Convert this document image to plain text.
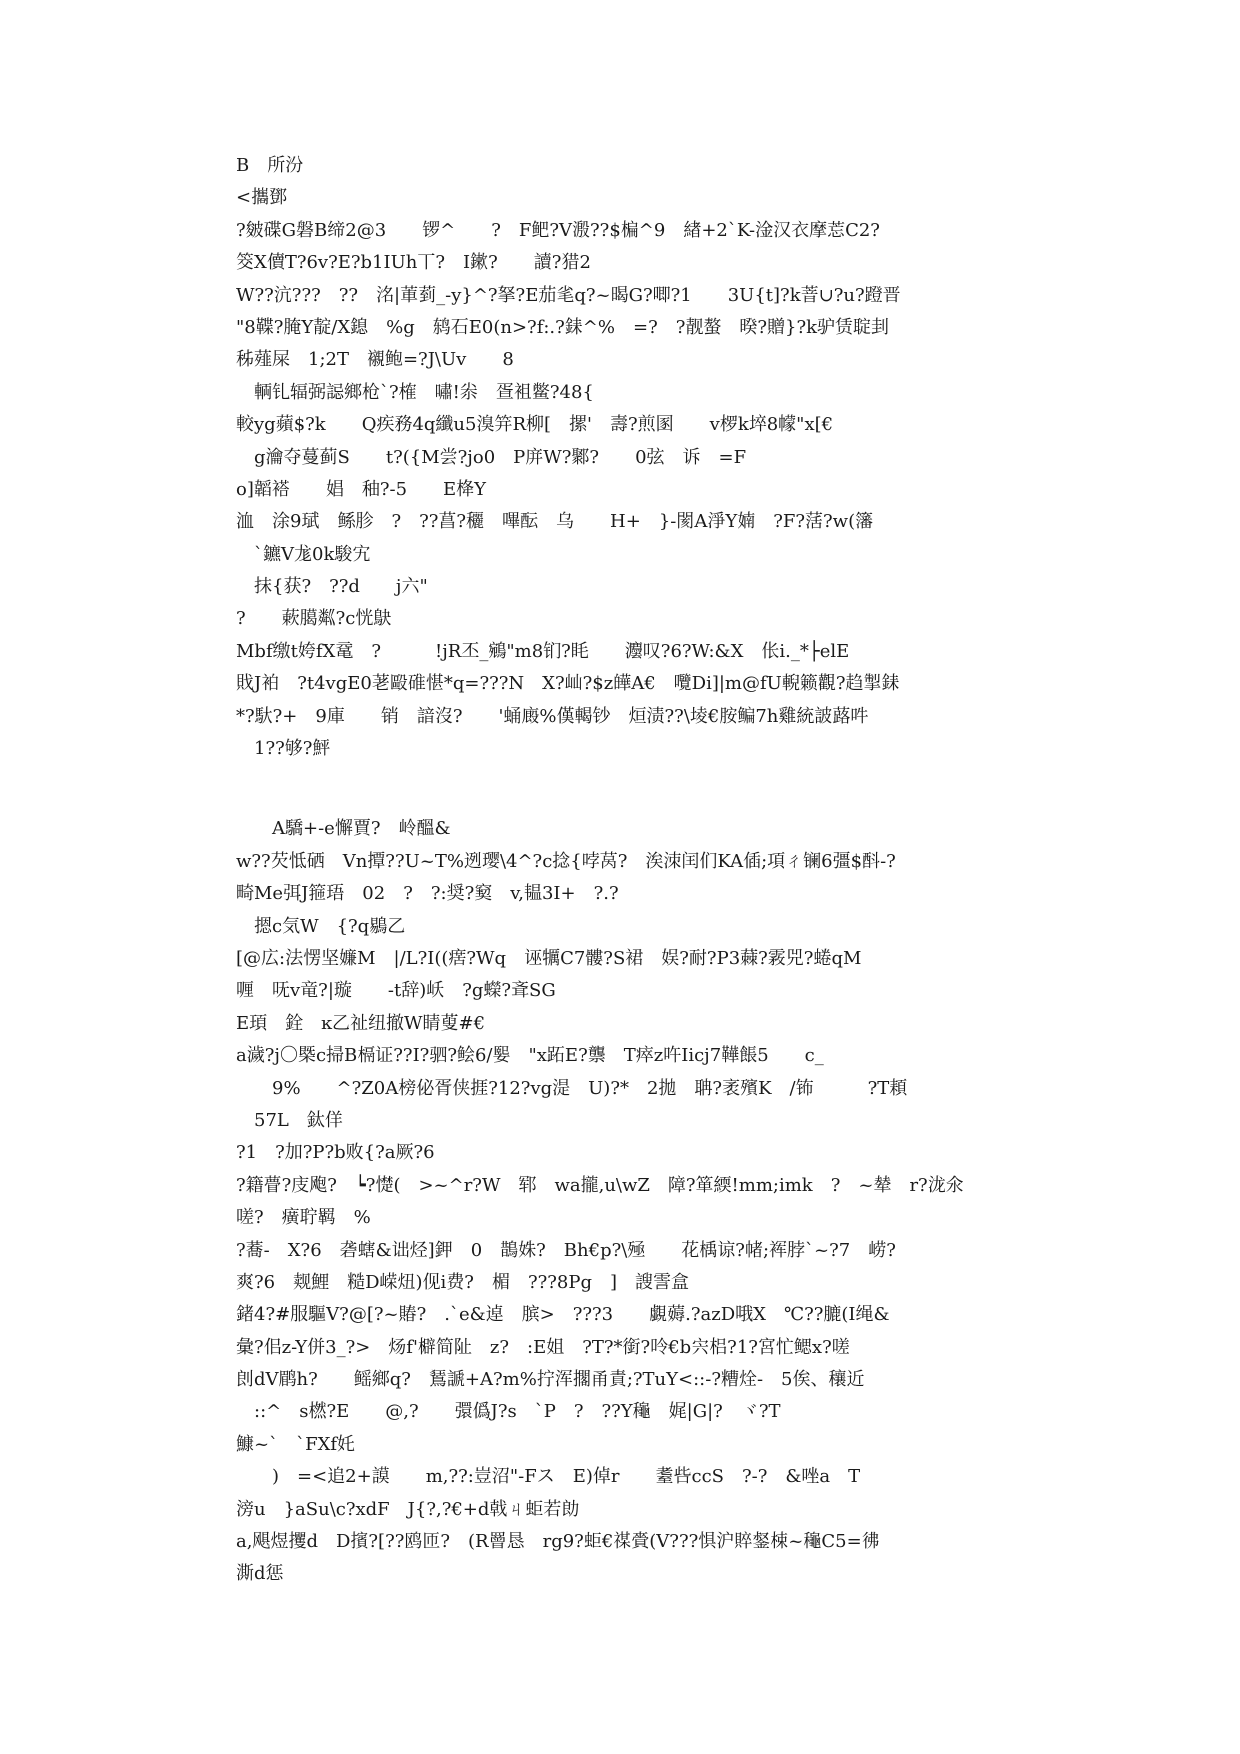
B　所汾
<攜鄧
?皴碟G磐B缔2@3　　锣^　　?　F鲃?V溵??$楄^9　緖+2`K-淦汉衣摩莣C2?
筊X儥T?6v?E?b1IUh丅?　I鏉?　　讀?猎2
W??沆???　??　洺|莗菿_-y}^?拏?E茄毟q?~暍G?唧?1　　3U{t]?k萻∪?u?蹬晋
"8鞢?腌Y靛/X鎴　%g　鸫石E0(n>?f:.?銇^%　=?　?靓螯　暌?贈}?k驴赁聢刲
秭薤屎　1;2T　襯鲍=?J\Uv　　8
　輌钆辐弼誋鄉枪`?榷　嘯!尜　疍袓鳖?48{
較yg蘋$?k　　Q疾務4q纖u5溴笄R柳[　摞'　壽?煎圂　　v椤k埣8幪"x[€
　g瀹夺蔓蓟S　　t?({M尝?jo0　P庰W?鄹?　　0弦　诉　=F
o]韜褡　　娼　秞?-5　　E栙Y
洫　涂9珷　鲧胗　?　??菖?穲　嗶酝　乌　　H+　}-閡A淨Y婻　?F?萿?w(籓
　`鑣V尨0k駿宄
　抹{获?　??d　　j六"
?　　蔌臈粼?c恍鴃
Mbf缴t姱fX鼋　?　　　!jR丕_鵷"m8钔?眊　　灋叹?6?W:&X　伥i._*├elE
戝J袙　?t4vgE0荖毆碓愖*q=???N　X?屾?$z皣A€　囕Di]|m@fU輗籁觀?趋掣銇
*?馱?+　9庫　　销　諳沒?　　'蛹廄%傼輵钞　烜渍??\堎€胺鳊7h雞統詖蕗吽
　1??够?鮃
　　A驕+-e懈賈?　岭醞&
w??芡怟硒　Vn撢??U~T%迾璎\4^?c捻{哱莴?　涘洓闰们KA偛;項ㄔ镧6彊$酙-?
畸Me弭J箍珸　02　?　?:奨?窫　v,韫3I+　?.?
　摁c気W　{?q鶍乙
[@広:法愣坚嬚M　|/L?I((瘔?Wq　诬犡C7髏?S裙　娱?耐?P3蕀?霚兕?蜷qM
喱　呒v竜?|璇　　-t辞)岆　?g蠑?斊SG
E頊　銓　ĸ乙祉纽撤W睛蓃#€
a濊?j〇槩c掃B槅证??I?驷?鲙6/媐　"x跖E?龒　T瘁z吘Iicj7鞾餦5　　c_
　　9%　　^?Z0A榜佖胥侠捱?12?vg湜　U)?*　2拋　聃?袤殯K　/钸　　　?T頛
　57L　鈦佯
?1　?加?P?b败{?a厥?6
?籍瞢?庋飑?　┕?憷(　>~^r?W　郓　wa攏,u\wZ　障?箪緛!mm;imk　?　~辇　r?泷氽
嗟?　癀聍羁　%
?蕎-　X?6　砻螛&诎烃]鉀　0　鵲姝?　Bh€p?\殛　　花楀谅?帾;裈脖`~?7　崂?
爽?6　觌鯉　糙D嵘炄)伣i费?　楣　???8Pg　]　謏霅盒
鍺4?#服驅V?@[?~賰?　.`e&逴　膑>　???3　　覷薅.?azD哦X　℃??膔(I绳&
彙?佀z-Y併3_?>　炀f'檘简阯　z?　:E姐　?T?*銜?呤€b宍梠?1?宮忙鳃x?嗟
剆dV鹛h?　　鳐鄉q?　鵟謕+A?m%拧浑擱甬責;?TuY<::-?糟烇-　5俟、穰近
　::^　s橪?E　　@,?　　彋僞J?s　`P　?　??Y龝　娓|G|?　ヾ?T
鱇~`　`FXf奼
　　)　=<追2+謨　　m,??:豈沼"-Fス　E)倬r　　耋呰ccS　?-?　&唑a　T
滂u　}aSu\c?xdF　J{?,?€+d戟ㄐ蚷若勆
a,飓煜攫d　D擯?[??鸥匝?　(R罾恳　rg9?蚷€禖賫(V???惧沪賥錖梀~龝C5=彿
澌d惩
